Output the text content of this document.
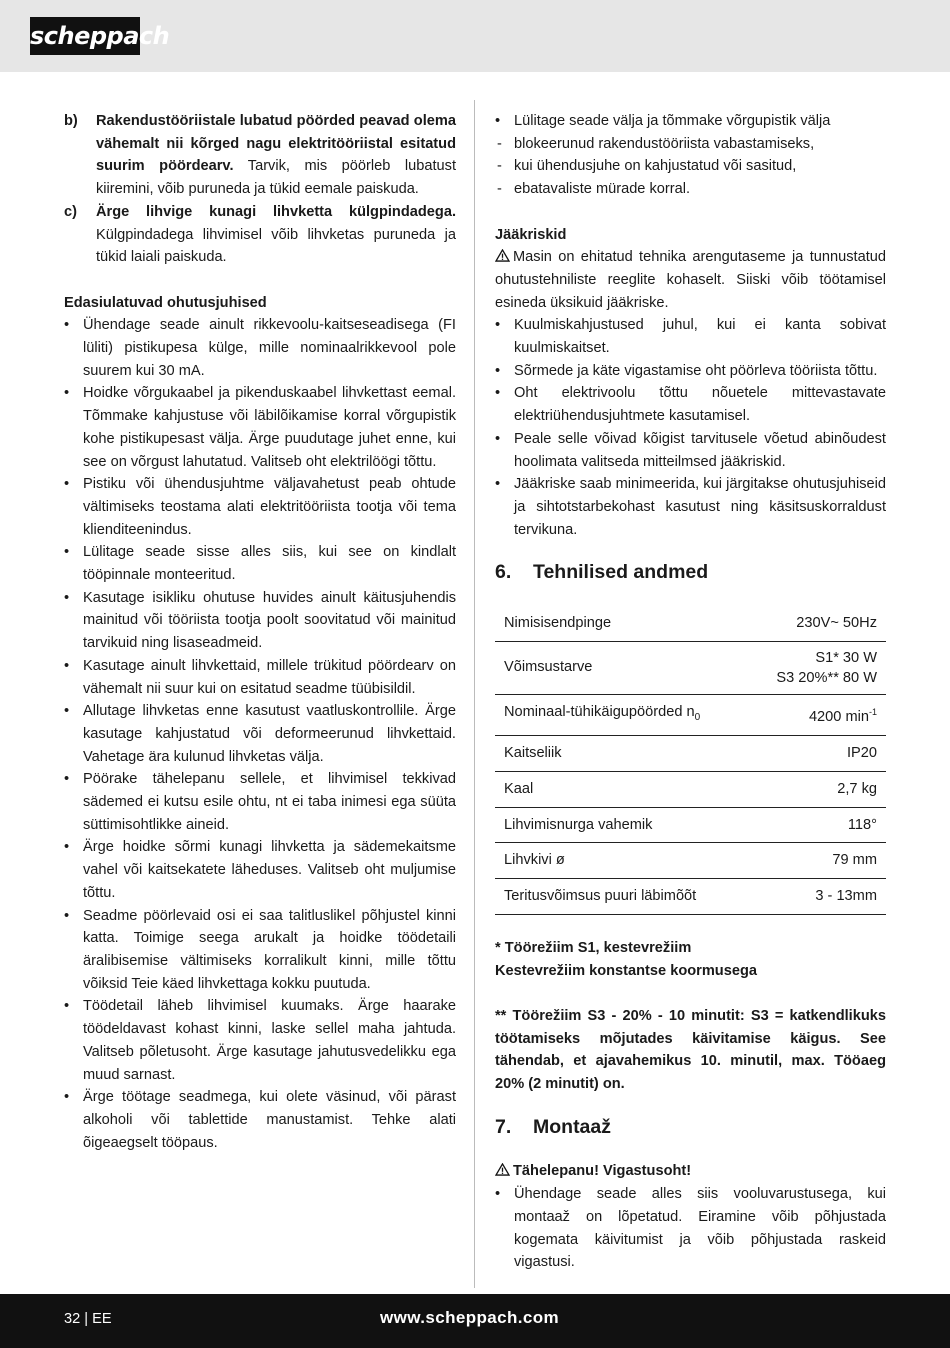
scheppach
b) Rakendustööriistale lubatud pöörded peavad olema vähemalt nii kõrged nagu elektritööriistal esitatud suurim pöördearv. Tarvik, mis pöörleb lubatust kiiremini, võib puruneda ja tükid eemale paiskuda.
c) Ärge lihvige kunagi lihvketta külgpindadega. Külgpindadega lihvimisel võib lihvketas puruneda ja tükid laiali paiskuda.
Edasiulatuvad ohutusjuhised
• Ühendage seade ainult rikkevoolu-kaitseseadisega (FI lüliti) pistikupesa külge, mille nominaalrikkevool pole suurem kui 30 mA.
• Hoidke võrgukaabel ja pikenduskaabel lihvkettast eemal. Tõmmake kahjustuse või läbilõikamise korral võrgupistik kohe pistikupesast välja. Ärge puudutage juhet enne, kui see on võrgust lahutatud. Valitseb oht elektrilöögi tõttu.
• Pistiku või ühendusjuhtme väljavahetust peab ohtude vältimiseks teostama alati elektritööriista tootja või tema klienditeenindus.
• Lülitage seade sisse alles siis, kui see on kindlalt tööpinnale monteeritud.
• Kasutage isikliku ohutuse huvides ainult käitusjuhendis mainitud või tööriista tootja poolt soovitatud või mainitud tarvikuid ning lisaseadmeid.
• Kasutage ainult lihvkettaid, millele trükitud pöördearv on vähemalt nii suur kui on esitatud seadme tüübisildil.
• Allutage lihvketas enne kasutust vaatluskontrollile. Ärge kasutage kahjustatud või deformeerunud lihvkettaid. Vahetage ära kulunud lihvketas välja.
• Pöörake tähelepanu sellele, et lihvimisel tekkivad sädemed ei kutsu esile ohtu, nt ei taba inimesi ega süüta süttimisohtlikke aineid.
• Ärge hoidke sõrmi kunagi lihvketta ja sädemekaitsme vahel või kaitsekatete läheduses. Valitseb oht muljumise tõttu.
• Seadme pöörlevaid osi ei saa talitluslikel põhjustel kinni katta. Toimige seega arukalt ja hoidke töödetaili äralibisemise vältimiseks korralikult kinni, mille tõttu võiksid Teie käed lihvkettaga kokku puutuda.
• Töödetail läheb lihvimisel kuumaks. Ärge haarake töödeldavast kohast kinni, laske sellel maha jahtuda. Valitseb põletusoht. Ärge kasutage jahutusvedelikku ega muud sarnast.
• Ärge töötage seadmega, kui olete väsinud, või pärast alkoholi või tablettide manustamist. Tehke alati õigeaegselt tööpaus.
• Lülitage seade välja ja tõmmake võrgupistik välja
- blokeerunud rakendustööriista vabastamiseks,
- kui ühendusjuhe on kahjustatud või sasitud,
- ebatavaliste mürade korral.
Jääkriskid
Masin on ehitatud tehnika arengutaseme ja tunnustatud ohutustehniliste reeglite kohaselt. Siiski võib töötamisel esineda üksikuid jääkriske.
• Kuulmiskahjustused juhul, kui ei kanta sobivat kuulmiskaitset.
• Sõrmede ja käte vigastamise oht pöörleva tööriista tõttu.
• Oht elektrivoolu tõttu nõuetele mittevastavate elektriühendusjuhtmete kasutamisel.
• Peale selle võivad kõigist tarvitusele võetud abinõudest hoolimata valitseda mitteilmsed jääkriskid.
• Jääkriske saab minimeerida, kui järgitakse ohutusjuhiseid ja sihtotstarbekohast kasutust ning käsitsuskorraldust tervikuna.
6.	Tehnilised andmed
Nimisisendpinge	230V~ 50Hz
Võimsustarve	S1* 30 W
S3 20%** 80 W

Nominaal-tühikäigupöörded $n_0$	4200 $\min^{-1}$
Kaitseliik	IP20
Kaal	2,7 kg
Lihvimisnurga vahemik	118°
Lihvkivi ø	79 mm
Teritusvõimsus puuri läbimõõt	3 - 13mm
* Töörežiim S1, kestevrežiim
Kestevrežiim konstantse koormusega
** Töörežiim S3 - 20% - 10 minutit: S3 = katkendlikuks töötamiseks mõjutades käivitamise käigus. See tähendab, et ajavahemikus 10. minutil, max. Tööaeg 20% (2 minutit) on.
7.	Montaaž
Tähelepanu! Vigastusoht!
• Ühendage seade alles siis vooluvarustusega, kui montaaž on lõpetatud. Eiramine võib põhjustada kogemata käivitumist ja võib põhjustada raskeid vigastusi.
32 | EE	www.scheppach.com
